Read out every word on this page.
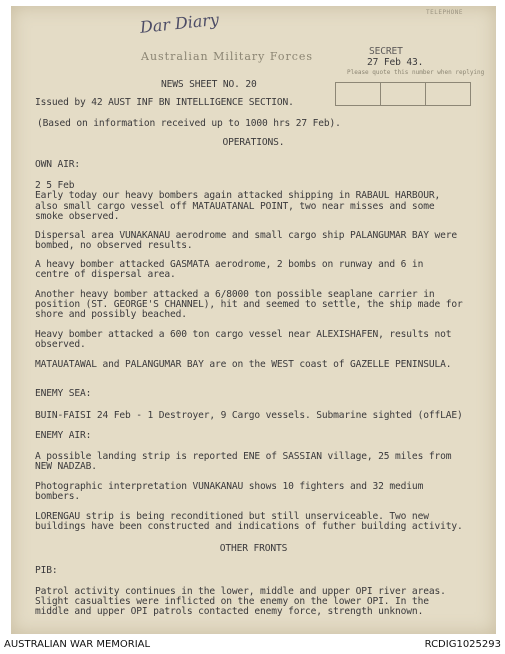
TELEPHONE
Dar Diary
Australian Military Forces	SECRET
27 Feb 43.
Please quote this number when replying
NEWS SHEET NO. 20
Issued by 42 AUST INF BN INTELLIGENCE SECTION.
(Based on information received up to 1000 hrs 27 Feb).
OPERATIONS.
OWN AIR:
2 5 Feb
Early today our heavy bombers again attacked shipping in RABAUL HARBOUR,
also small cargo vessel off MATAUATANAL POINT, two near misses and some
smoke observed.
Dispersal area VUNAKANAU aerodrome and small cargo ship PALANGUMAR BAY were
bombed, no observed results.
A heavy bomber attacked GASMATA aerodrome, 2 bombs on runway and 6 in
centre of dispersal area.
Another heavy bomber attacked a 6/8000 ton possible seaplane carrier in
position (ST. GEORGE'S CHANNEL), hit and seemed to settle, the ship made for
shore and possibly beached.
Heavy bomber attacked a 600 ton cargo vessel near ALEXISHAFEN, results not
observed.
MATAUATAWAL and PALANGUMAR BAY are on the WEST coast of GAZELLE PENINSULA.
ENEMY SEA:
BUIN-FAISI 24 Feb - 1 Destroyer, 9 Cargo vessels. Submarine sighted (offLAE)
ENEMY AIR:
A possible landing strip is reported ENE of SASSIAN village, 25 miles from
NEW NADZAB.
Photographic interpretation VUNAKANAU shows 10 fighters and 32 medium
bombers.
LORENGAU strip is being reconditioned but still unserviceable. Two new
buildings have been constructed and indications of futher building activity.
OTHER FRONTS
PIB:
Patrol activity continues in the lower, middle and upper OPI river areas.
Slight casualties were inflicted on the enemy on the lower OPI. In the
middle and upper OPI patrols contacted enemy force, strength unknown.
AUSTRALIAN WAR MEMORIAL	RCDIG1025293
